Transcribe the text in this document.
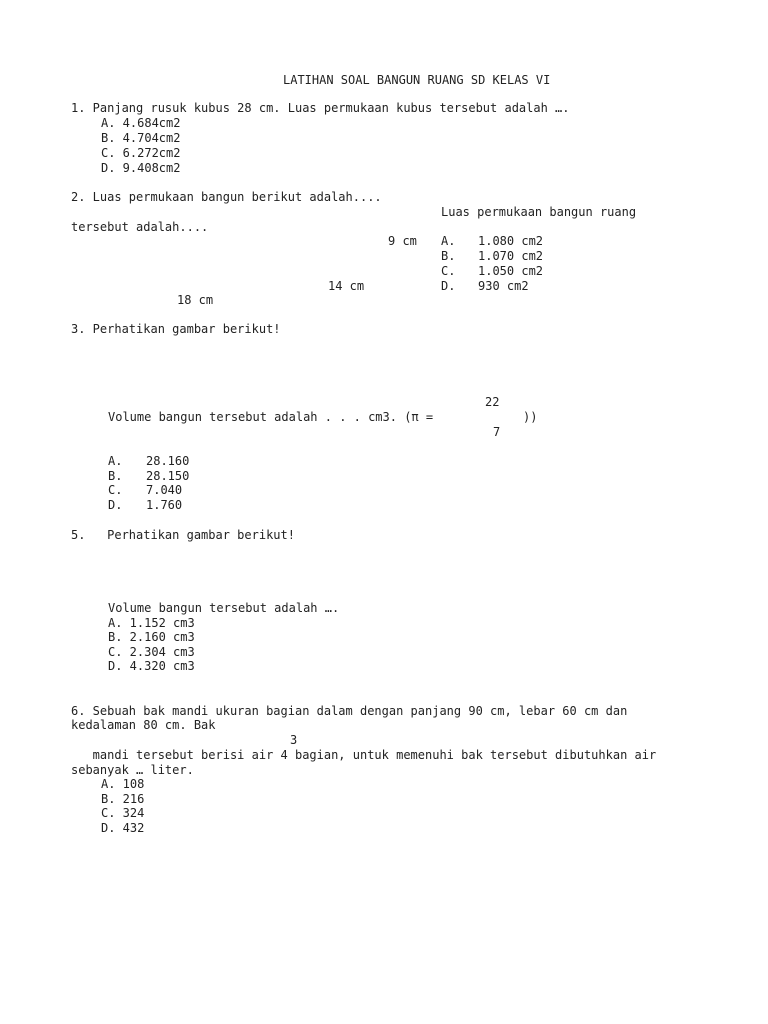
LATIHAN SOAL BANGUN RUANG SD KELAS VI
1. Panjang rusuk kubus 28 cm. Luas permukaan kubus tersebut adalah ….
A. 4.684cm2
B. 4.704cm2
C. 6.272cm2
D. 9.408cm2
2. Luas permukaan bangun berikut adalah....
Luas permukaan bangun ruang
tersebut adalah....
9 cm
14 cm
18 cm
A. 1.080 cm2
B. 1.070 cm2
C. 1.050 cm2
D. 930 cm2
3. Perhatikan gambar berikut!
22
Volume bangun tersebut adalah . . . cm3. (π =	))
7
A. 28.160
B. 28.150
C. 7.040
D. 1.760
5.   Perhatikan gambar berikut!
Volume bangun tersebut adalah ….
A. 1.152 cm3
B. 2.160 cm3
C. 2.304 cm3
D. 4.320 cm3
6. Sebuah bak mandi ukuran bagian dalam dengan panjang 90 cm, lebar 60 cm dan
kedalaman 80 cm. Bak
3
mandi tersebut berisi air 4 bagian, untuk memenuhi bak tersebut dibutuhkan air
sebanyak … liter.
A. 108
B. 216
C. 324
D. 432
